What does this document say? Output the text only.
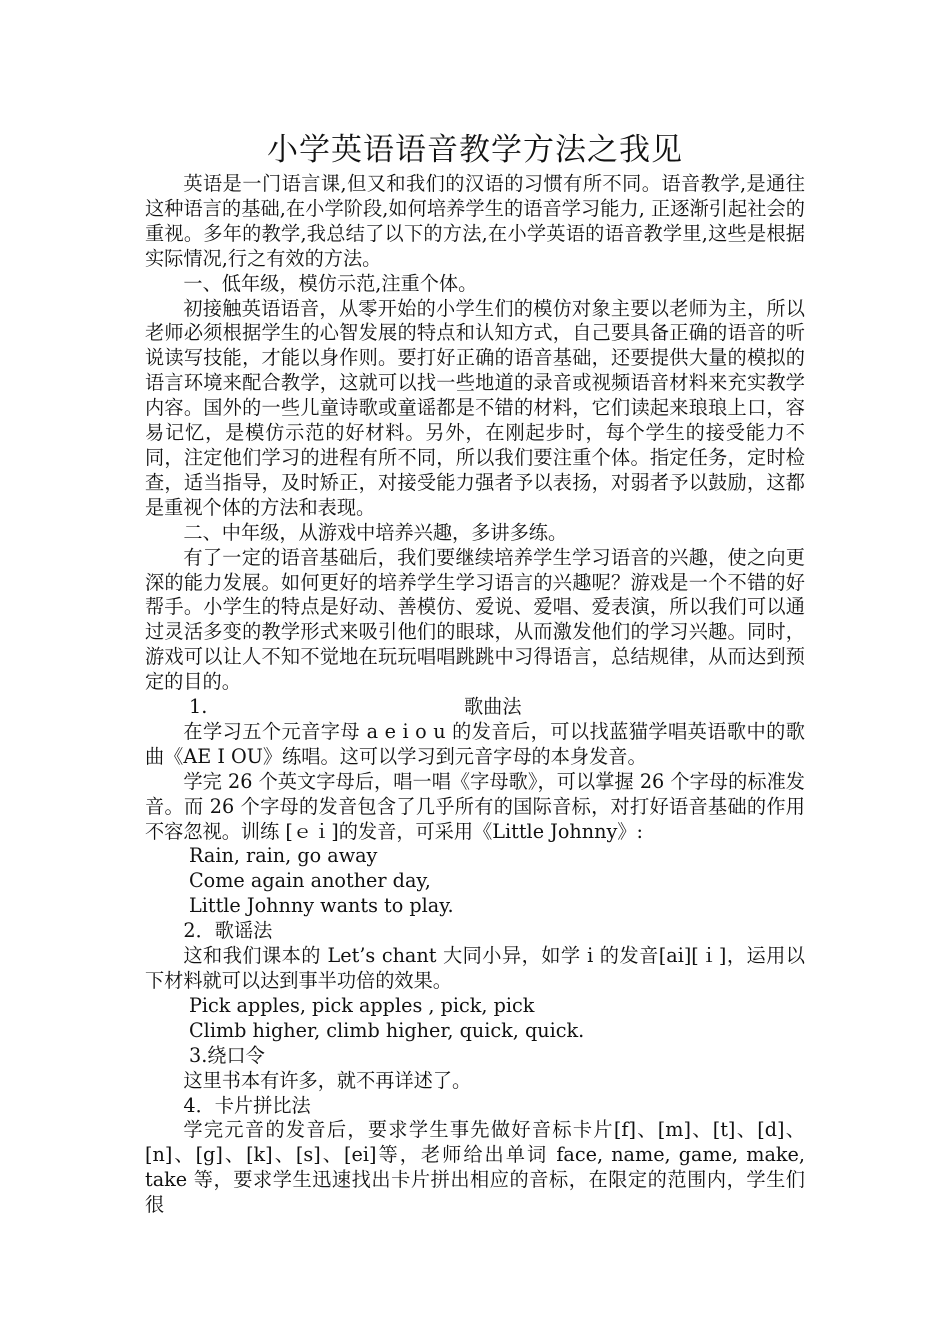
小学英语语音教学方法之我见

英语是一门语言课,但又和我们的汉语的习惯有所不同。语音教学,是通往这种语言的基础,在小学阶段,如何培养学生的语音学习能力, 正逐渐引起社会的重视。多年的教学,我总结了以下的方法,在小学英语的语音教学里,这些是根据实际情况,行之有效的方法。

一、低年级，模仿示范,注重个体。

初接触英语语音，从零开始的小学生们的模仿对象主要以老师为主，所以老师必须根据学生的心智发展的特点和认知方式，自己要具备正确的语音的听说读写技能，才能以身作则。要打好正确的语音基础，还要提供大量的模拟的语言环境来配合教学，这就可以找一些地道的录音或视频语音材料来充实教学内容。国外的一些儿童诗歌或童谣都是不错的材料，它们读起来琅琅上口，容易记忆，是模仿示范的好材料。另外，在刚起步时，每个学生的接受能力不同，注定他们学习的进程有所不同，所以我们要注重个体。指定任务，定时检查，适当指导，及时矫正，对接受能力强者予以表扬，对弱者予以鼓励，这都是重视个体的方法和表现。

二、中年级，从游戏中培养兴趣，多讲多练。

有了一定的语音基础后，我们要继续培养学生学习语音的兴趣，使之向更深的能力发展。如何更好的培养学生学习语言的兴趣呢？游戏是一个不错的好帮手。小学生的特点是好动、善模仿、爱说、爱唱、爱表演，所以我们可以通过灵活多变的教学形式来吸引他们的眼球，从而激发他们的学习兴趣。同时，游戏可以让人不知不觉地在玩玩唱唱跳跳中习得语言，总结规律，从而达到预定的目的。

1.	歌曲法

在学习五个元音字母 a e i o u 的发音后，可以找蓝猫学唱英语歌中的歌曲《AE I OU》练唱。这可以学习到元音字母的本身发音。

学完 26 个英文字母后，唱一唱《字母歌》，可以掌握 26 个字母的标准发音。而 26 个字母的发音包含了几乎所有的国际音标，对打好语音基础的作用不容忽视。训练 [ｅｉ]的发音，可采用《Little Johnny》:

Rain, rain, go away

Come again another day,

Little Johnny wants to play.

2．歌谣法

这和我们课本的 Let’s chant 大同小异，如学 i 的发音[ai][ｉ]，运用以下材料就可以达到事半功倍的效果。

Pick apples, pick apples , pick, pick

Climb higher, climb higher, quick, quick.

3.绕口令

这里书本有许多，就不再详述了。

4．卡片拼比法

学完元音的发音后，要求学生事先做好音标卡片[f]、[m]、[t]、[d]、[n]、[g]、[k]、[s]、[ei]等，老师给出单词 face, name, game, make, take 等，要求学生迅速找出卡片拼出相应的音标，在限定的范围内，学生们很
